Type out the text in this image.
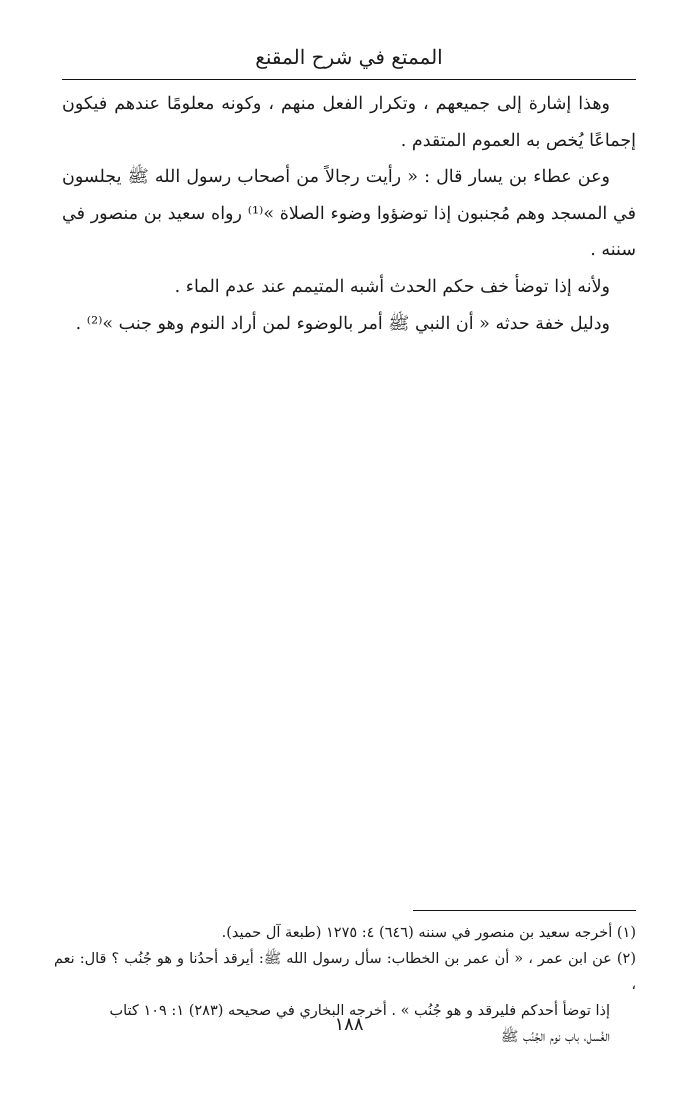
الممتع في شرح المقنع

وهذا إشارة إلى جميعهم ، وتكرار الفعل منهم ، وكونه معلومًا عندهم فيكون إجماعًا يُخص به العموم المتقدم .

وعن عطاء بن يسار قال : « رأيت رجالاً من أصحاب رسول الله ﷺ يجلسون في المسجد وهم مُجنبون إذا توضؤوا وضوء الصلاة »⁽¹⁾ رواه سعيد بن منصور في سننه .

ولأنه إذا توضأ خف حكم الحدث أشبه المتيمم عند عدم الماء .

ودليل خفة حدثه « أن النبي ﷺ أمر بالوضوء لمن أراد النوم وهو جنب »⁽²⁾ .

(١) أخرجه سعيد بن منصور في سننه (٦٤٦) ٤: ١٢٧٥ (طبعة آل حميد).

(٢) عن ابن عمر ، « أن عمر بن الخطاب: سأل رسول الله ﷺ: أيرقد أحدُنا و هو جُنُب ؟ قال: نعم ،
إذا توضأ أحدكم فليرقد و هو جُنُب » . أخرجه البخاري في صحيحه (٢٨٣) ١: ١٠٩ كتاب
الغُسل، باب نوم الجُنُب ﷺ

١٨٨
